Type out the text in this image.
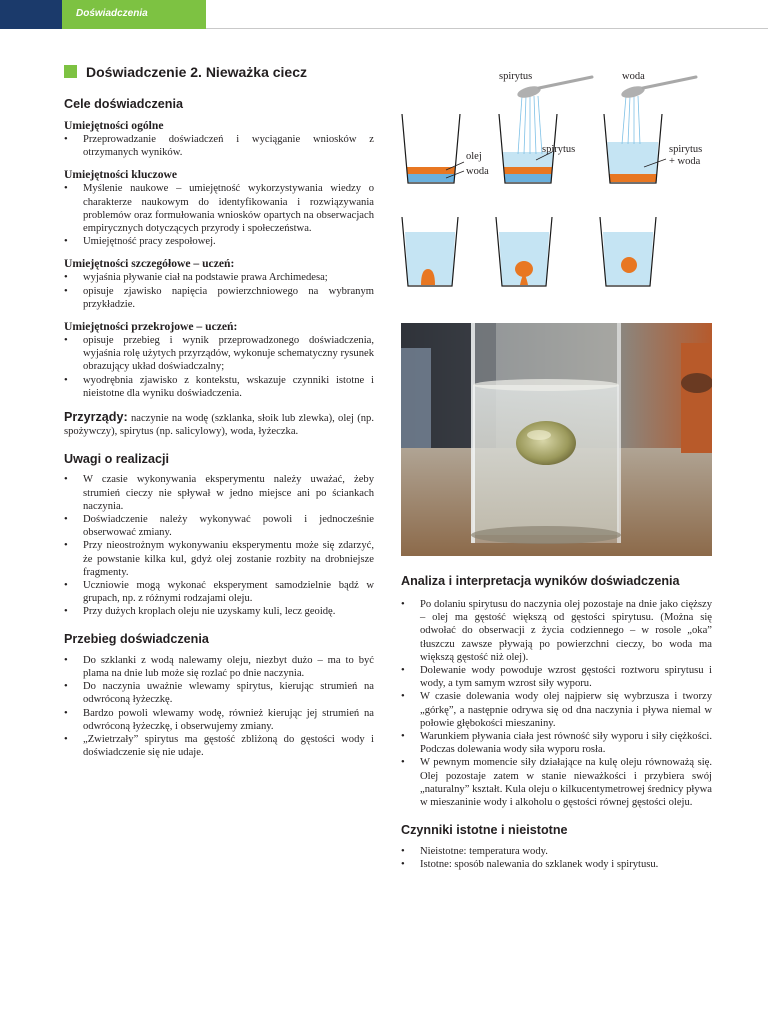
Doświadczenia
Doświadczenie 2. Nieważka ciecz
Cele doświadczenia
Umiejętności ogólne
• Przeprowadzanie doświadczeń i wyciąganie wniosków z otrzymanych wyników.
Umiejętności kluczowe
• Myślenie naukowe – umiejętność wykorzystywania wiedzy o charakterze naukowym do identyfikowania i rozwiązywania problemów oraz formułowania wniosków opartych na obserwacjach empirycznych dotyczących przyrody i społeczeństwa.
• Umiejętność pracy zespołowej.
Umiejętności szczegółowe – uczeń:
• wyjaśnia pływanie ciał na podstawie prawa Archimedesa;
• opisuje zjawisko napięcia powierzchniowego na wybranym przykładzie.
Umiejętności przekrojowe – uczeń:
• opisuje przebieg i wynik przeprowadzonego doświadczenia, wyjaśnia rolę użytych przyrządów, wykonuje schematyczny rysunek obrazujący układ doświadczalny;
• wyodrębnia zjawisko z kontekstu, wskazuje czynniki istotne i nieistotne dla wyniku doświadczenia.

Przyrządy: naczynie na wodę (szklanka, słoik lub zlewka), olej (np. spożywczy), spirytus (np. salicylowy), woda, łyżeczka.

Uwagi o realizacji
• W czasie wykonywania eksperymentu należy uważać, żeby strumień cieczy nie spływał w jedno miejsce ani po ściankach naczynia.
• Doświadczenie należy wykonywać powoli i jednocześnie obserwować zmiany.
• Przy nieostrożnym wykonywaniu eksperymentu może się zdarzyć, że powstanie kilka kul, gdyż olej zostanie rozbity na drobniejsze fragmenty.
• Uczniowie mogą wykonać eksperyment samodzielnie bądź w grupach, np. z różnymi rodzajami oleju.
• Przy dużych kroplach oleju nie uzyskamy kuli, lecz geoidę.
Przebieg doświadczenia
• Do szklanki z wodą nalewamy oleju, niezbyt dużo – ma to być plama na dnie lub może się rozlać po dnie naczynia.
• Do naczynia uważnie wlewamy spirytus, kierując strumień na odwróconą łyżeczkę.
• Bardzo powoli wlewamy wodę, również kierując jej strumień na odwróconą łyżeczkę, i obserwujemy zmiany.
• „Zwietrzały” spirytus ma gęstość zbliżoną do gęstości wody i doświadczenie się nie udaje.
spirytus	woda
olej
woda
spirytus	spirytus
+ woda
Analiza i interpretacja wyników doświadczenia
• Po dolaniu spirytusu do naczynia olej pozostaje na dnie jako cięższy – olej ma gęstość większą od gęstości spirytusu. (Można się odwołać do obserwacji z życia codziennego – w rosole „oka” tłuszczu zawsze pływają po powierzchni cieczy, bo woda ma większą gęstość niż olej).
• Dolewanie wody powoduje wzrost gęstości roztworu spirytusu i wody, a tym samym wzrost siły wyporu.
• W czasie dolewania wody olej najpierw się wybrzusza i tworzy „górkę”, a następnie odrywa się od dna naczynia i pływa niemal w połowie głębokości mieszaniny.
• Warunkiem pływania ciała jest równość siły wyporu i siły ciężkości. Podczas dolewania wody siła wyporu rosła.
• W pewnym momencie siły działające na kulę oleju równoważą się. Olej pozostaje zatem w stanie nieważkości i przybiera swój „naturalny” kształt. Kula oleju o kilkucentymetrowej średnicy pływa w mieszaninie wody i alkoholu o gęstości równej gęstości oleju.
Czynniki istotne i nieistotne
• Nieistotne: temperatura wody.
• Istotne: sposób nalewania do szklanek wody i spirytusu.
